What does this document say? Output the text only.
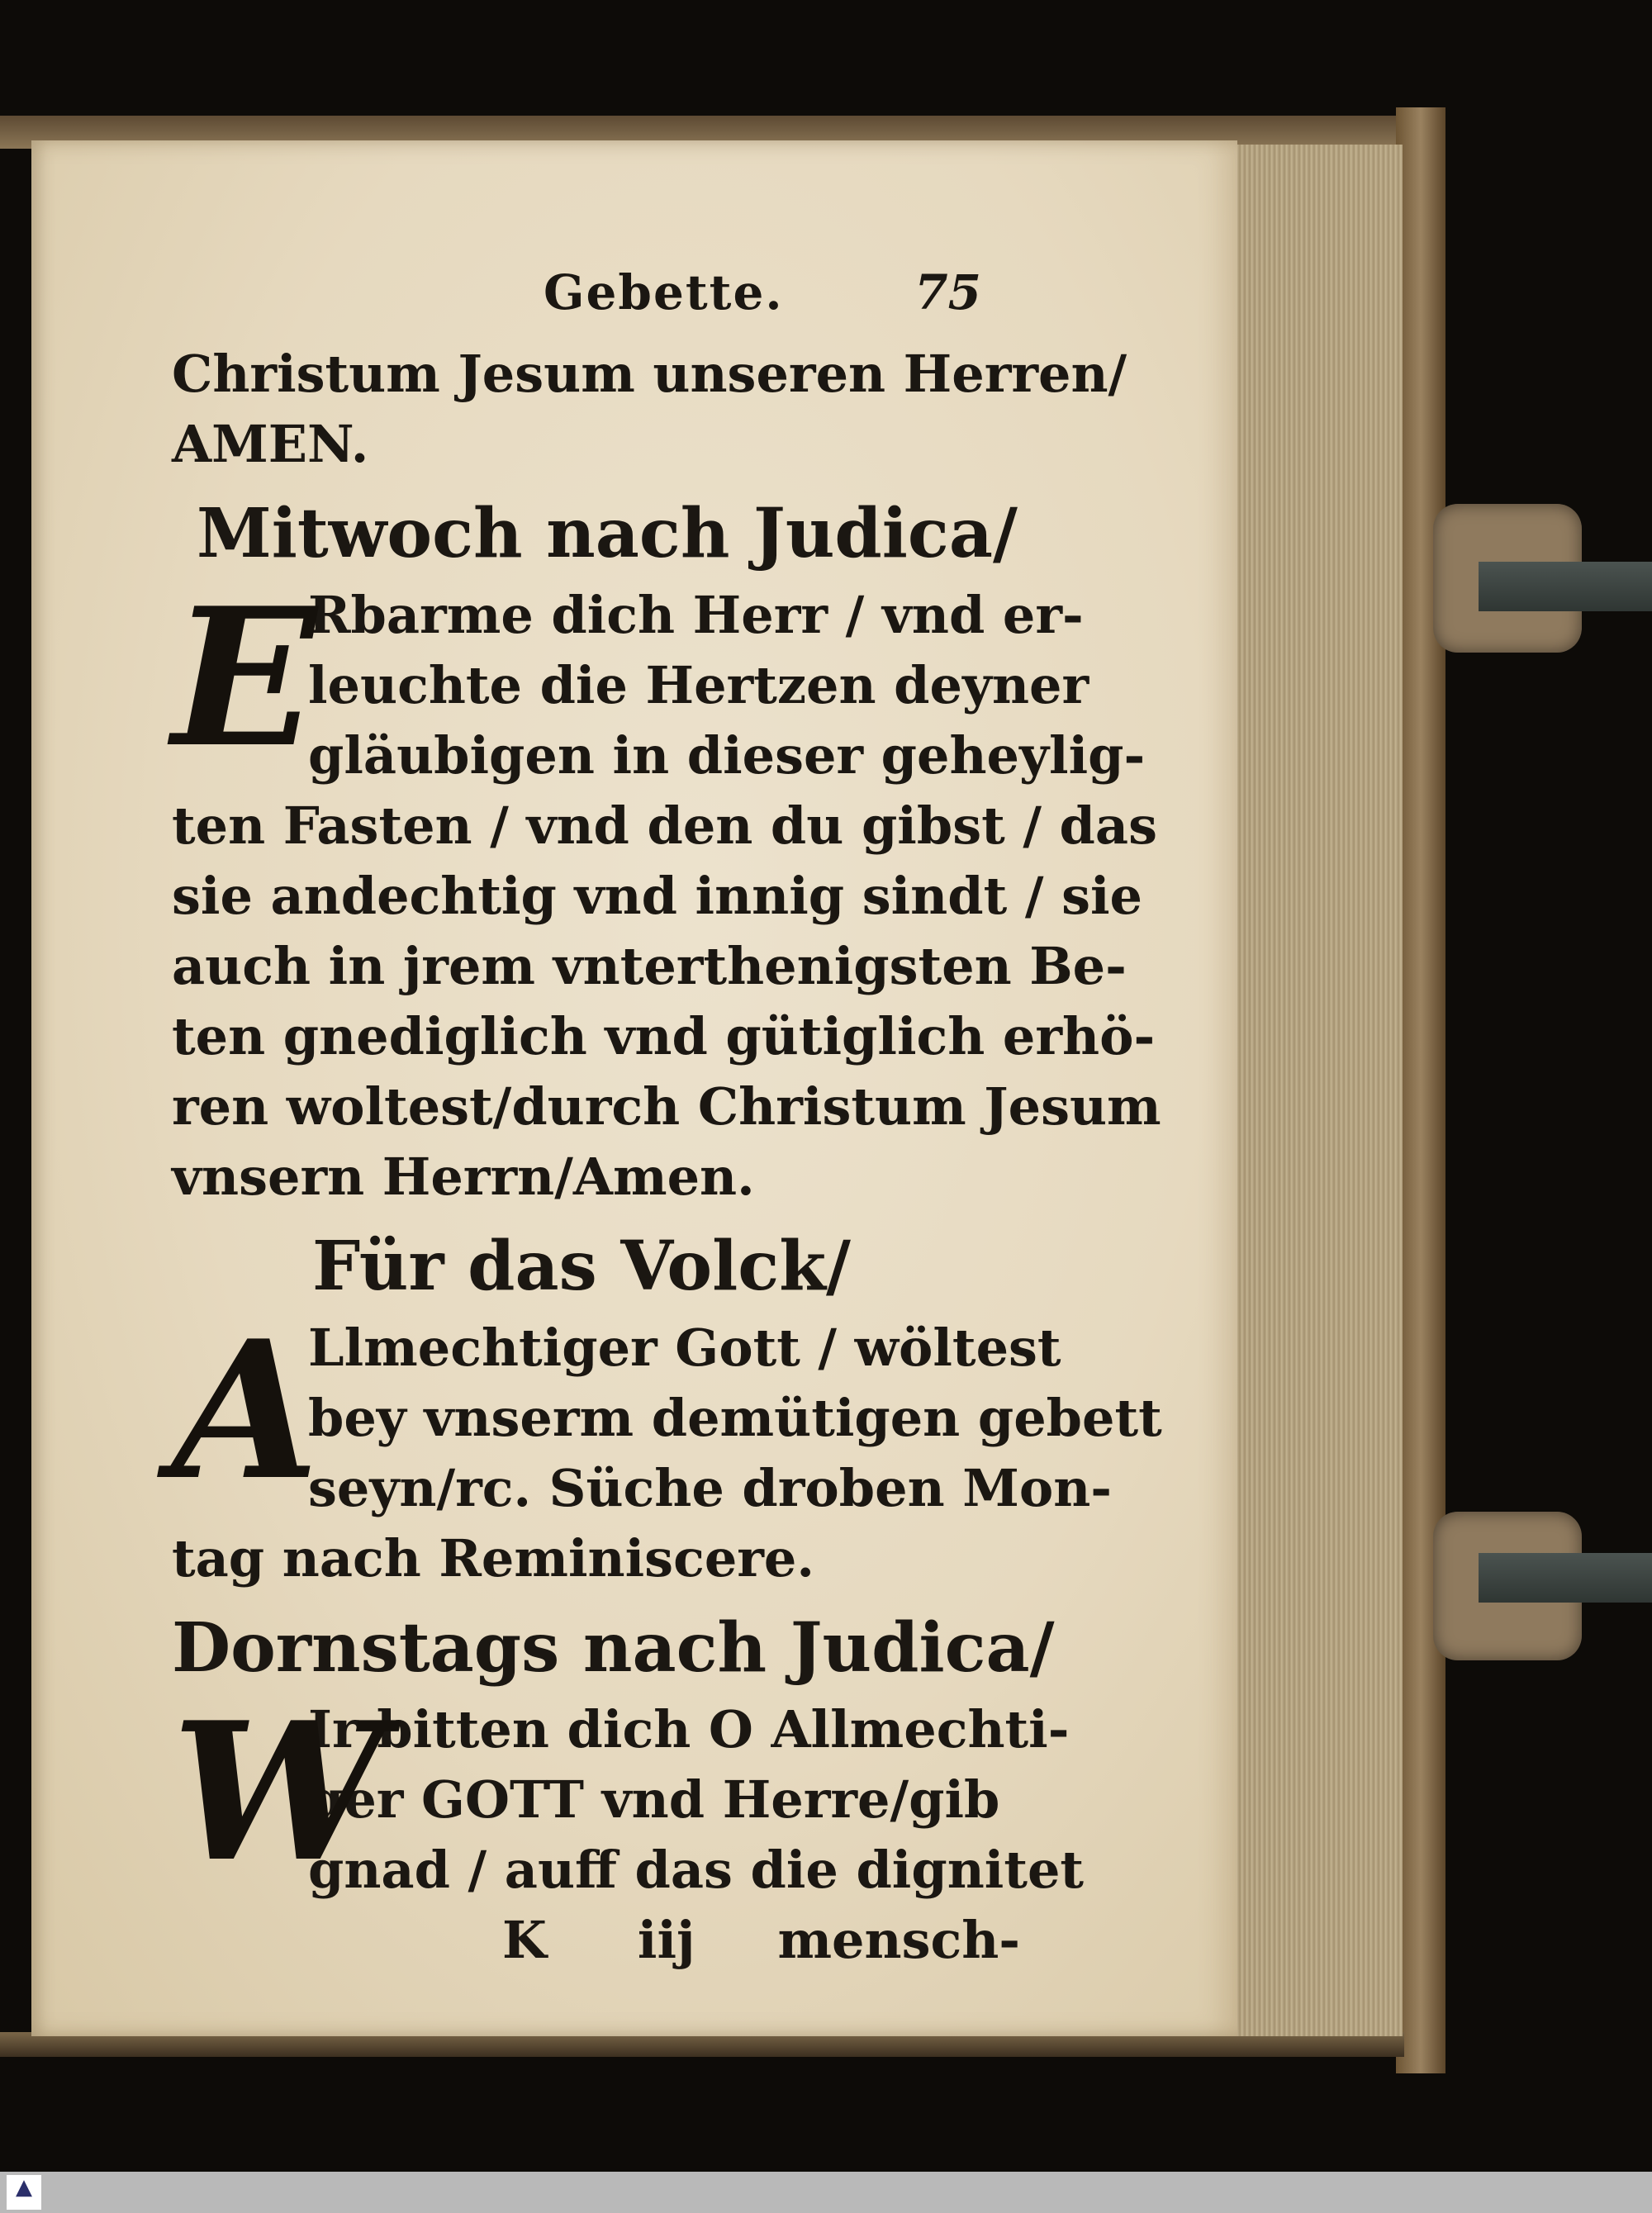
Gebette.	75
Christum Jesum unseren Herren/
AMEN.
Mitwoch nach Judica/
E
Rbarme dich Herr / vnd er-
leuchte die Hertzen deyner
gläubigen in dieser geheylig-
ten Fasten / vnd den du gibst / das
sie andechtig vnd innig sindt / sie
auch in jrem vnterthenigsten Be-
ten gnediglich vnd gütiglich erhö-
ren woltest/durch Christum Jesum
vnsern Herrn/Amen.
Für das Volck/
A
Llmechtiger Gott / wöltest
bey vnserm demütigen gebett
seyn/rc. Süche droben Mon-
tag nach Reminiscere.
Dornstags nach Judica/
W
Ir bitten dich O Allmechti-
ger GOTT vnd Herre/gib
gnad / auff das die dignitet
K iij mensch-
▲
